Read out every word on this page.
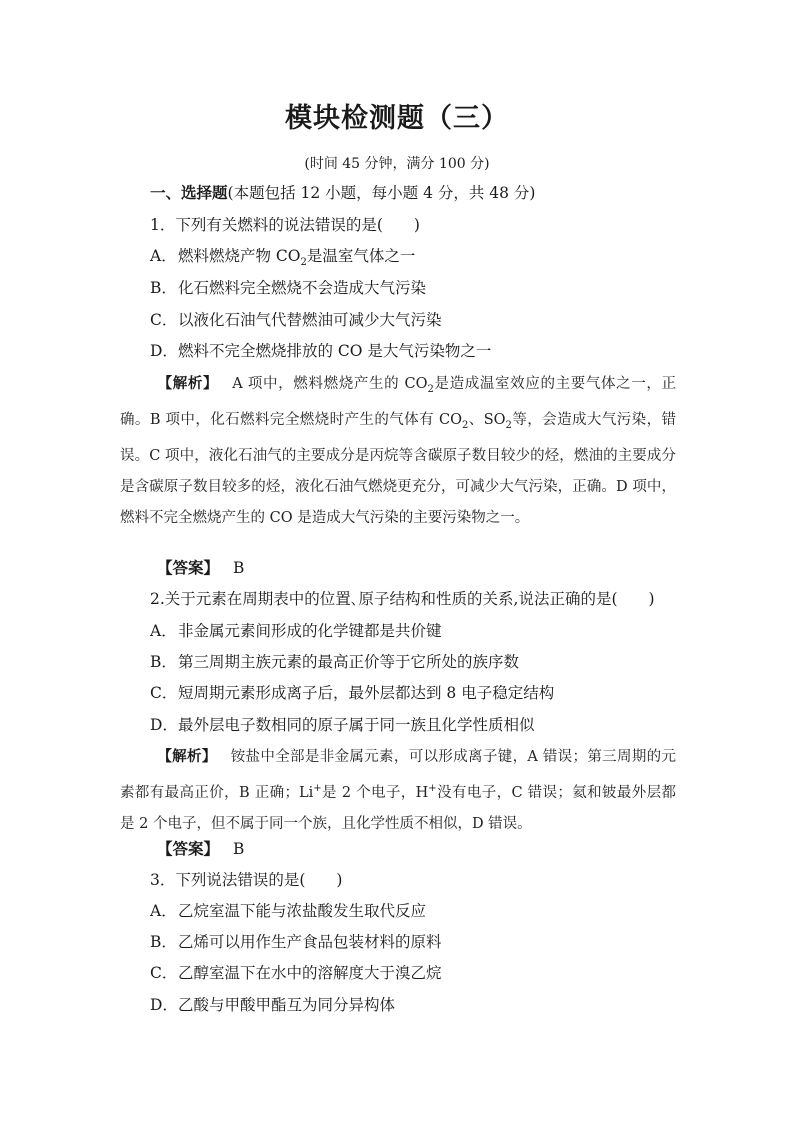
模块检测题（三）
(时间 45 分钟，满分 100 分)
一、选择题(本题包括 12 小题，每小题 4 分，共 48 分)
1．下列有关燃料的说法错误的是(　　)
A．燃料燃烧产物 $CO_2$是温室气体之一
B．化石燃料完全燃烧不会造成大气污染
C．以液化石油气代替燃油可减少大气污染
D．燃料不完全燃烧排放的 CO 是大气污染物之一
【解析】 A 项中，燃料燃烧产生的 $CO_2$是造成温室效应的主要气体之一，正确。B 项中，化石燃料完全燃烧时产生的气体有 $CO_2$、$SO_2$等，会造成大气污染，错误。C 项中，液化石油气的主要成分是丙烷等含碳原子数目较少的烃，燃油的主要成分是含碳原子数目较多的烃，液化石油气燃烧更充分，可减少大气污染，正确。D 项中，燃料不完全燃烧产生的 CO 是造成大气污染的主要污染物之一。
【答案】 B
2.关于元素在周期表中的位置､原子结构和性质的关系,说法正确的是(　　)
A．非金属元素间形成的化学键都是共价键
B．第三周期主族元素的最高正价等于它所处的族序数
C．短周期元素形成离子后，最外层都达到 8 电子稳定结构
D．最外层电子数相同的原子属于同一族且化学性质相似
【解析】 铵盐中全部是非金属元素，可以形成离子键，A 错误；第三周期的元素都有最高正价，B 正确；Li+是 2 个电子，H+没有电子，C 错误；氦和铍最外层都是 2 个电子，但不属于同一个族，且化学性质不相似，D 错误。
【答案】 B
3．下列说法错误的是(　　)
A．乙烷室温下能与浓盐酸发生取代反应
B．乙烯可以用作生产食品包装材料的原料
C．乙醇室温下在水中的溶解度大于溴乙烷
D．乙酸与甲酸甲酯互为同分异构体
